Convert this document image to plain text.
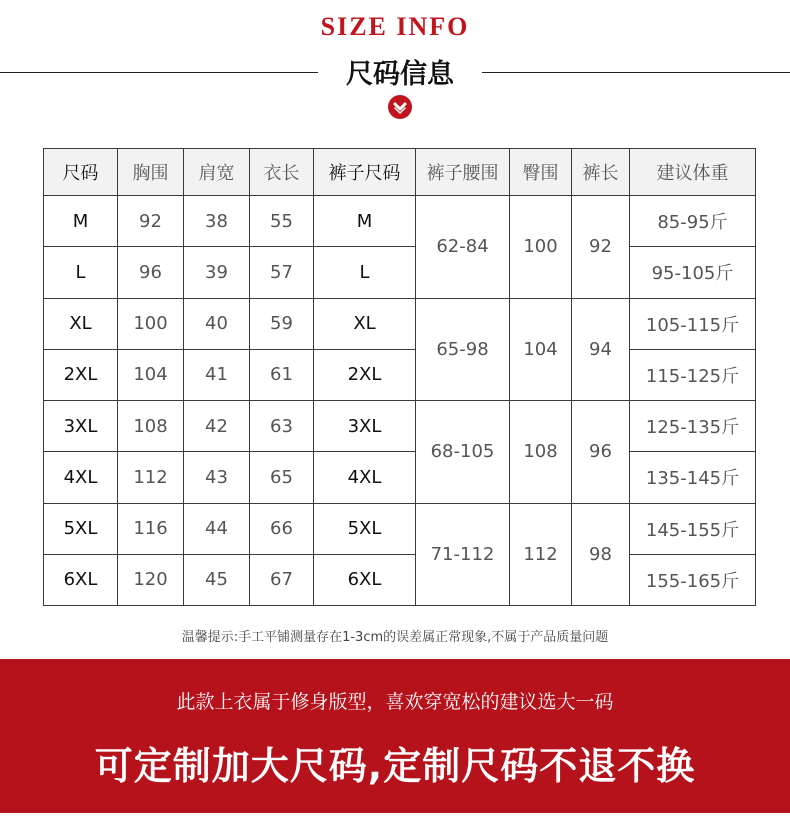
SIZE INFO
尺码信息
尺码	胸围	肩宽	衣长	裤子尺码	裤子腰围	臀围	裤长	建议体重
M	92	38	55	M	62-84	100	92	85-95斤
L	96	39	57	L				95-105斤
XL	100	40	59	XL	65-98	104	94	105-115斤
2XL	104	41	61	2XL				115-125斤
3XL	108	42	63	3XL	68-105	108	96	125-135斤
4XL	112	43	65	4XL				135-145斤
5XL	116	44	66	5XL	71-112	112	98	145-155斤
6XL	120	45	67	6XL				155-165斤
温馨提示:手工平铺测量存在1-3cm的误差属正常现象,不属于产品质量问题
此款上衣属于修身版型，喜欢穿宽松的建议选大一码
可定制加大尺码,定制尺码不退不换
